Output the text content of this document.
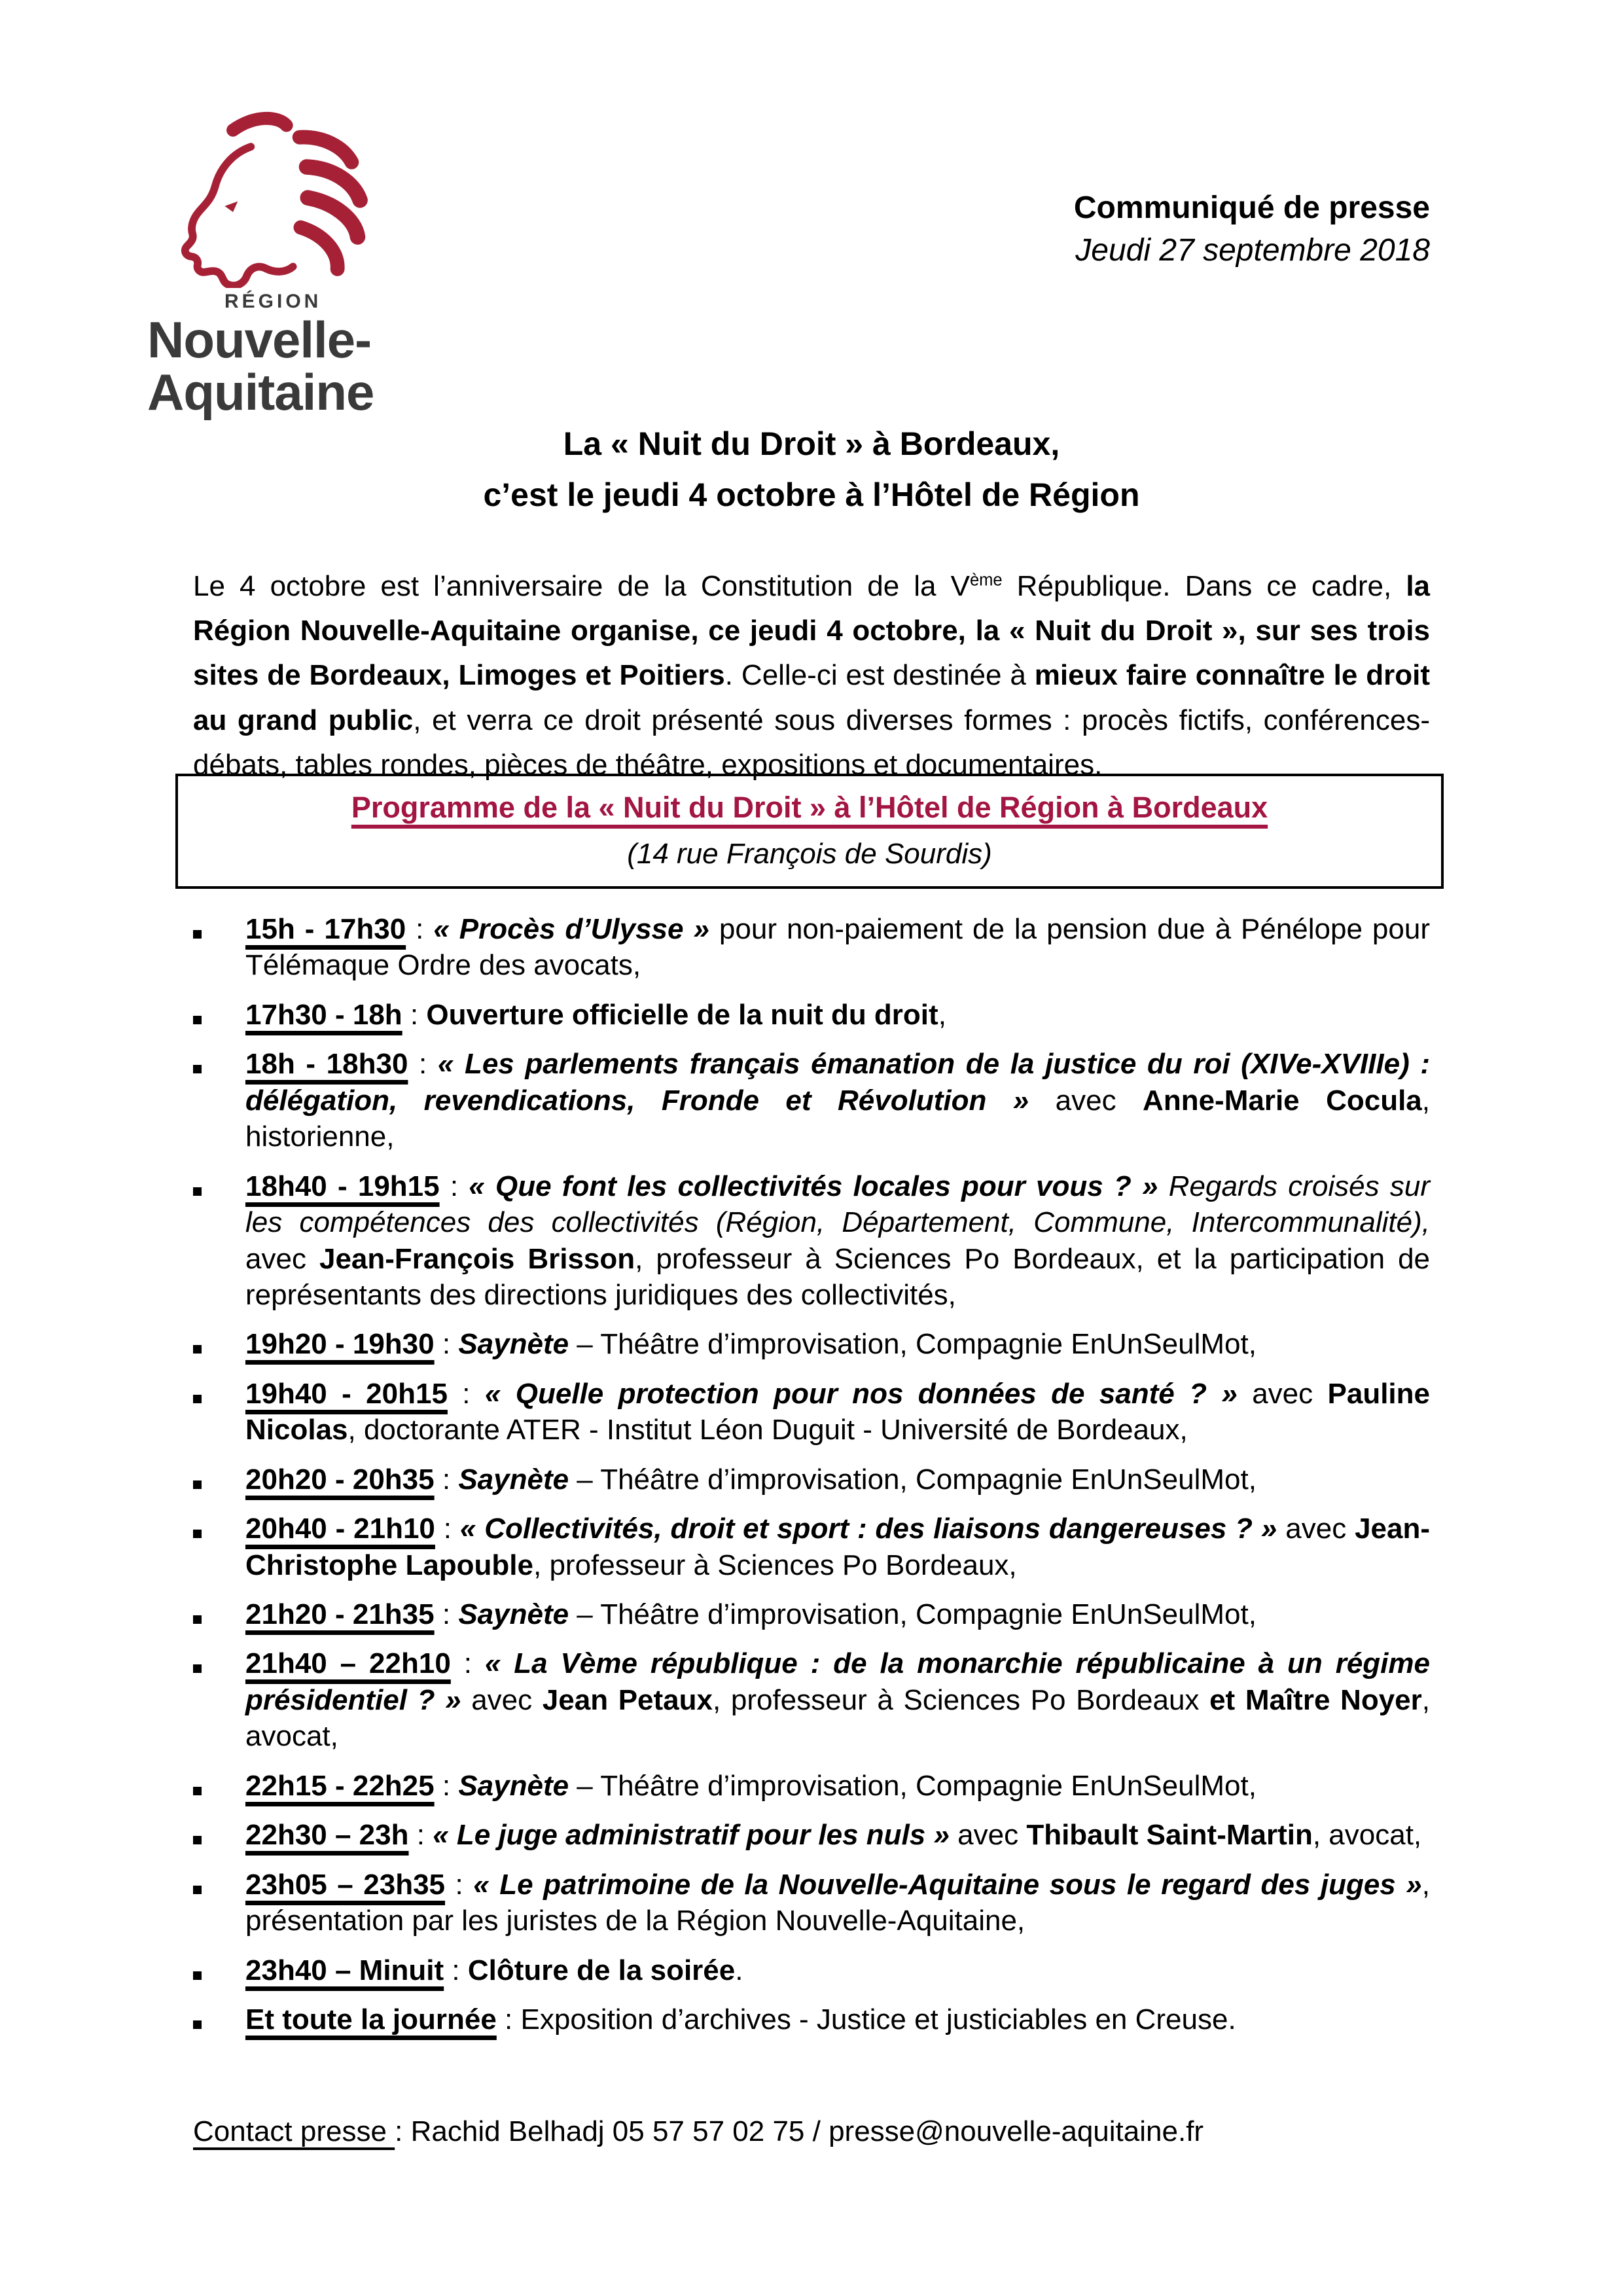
RÉGION
Nouvelle-
Aquitaine
Communiqué de presse
Jeudi 27 septembre 2018
La « Nuit du Droit » à Bordeaux,
c’est le jeudi 4 octobre à l’Hôtel de Région

Le 4 octobre est l’anniversaire de la Constitution de la Vème République. Dans ce cadre, la Région Nouvelle-Aquitaine organise, ce jeudi 4 octobre, la « Nuit du Droit », sur ses trois sites de Bordeaux, Limoges et Poitiers. Celle-ci est destinée à mieux faire connaître le droit au grand public, et verra ce droit présenté sous diverses formes : procès fictifs, conférences-débats, tables rondes, pièces de théâtre, expositions et documentaires.

Programme de la « Nuit du Droit » à l’Hôtel de Région à Bordeaux
(14 rue François de Sourdis)
15h - 17h30 : « Procès d’Ulysse » pour non-paiement de la pension due à Pénélope pour Télémaque Ordre des avocats,
17h30 - 18h : Ouverture officielle de la nuit du droit,
18h - 18h30 : « Les parlements français émanation de la justice du roi (XIVe-XVIIIe) : délégation, revendications, Fronde et Révolution » avec Anne-Marie Cocula, historienne,
18h40 - 19h15 : « Que font les collectivités locales pour vous ? » Regards croisés sur les compétences des collectivités (Région, Département, Commune, Intercommunalité), avec Jean-François Brisson, professeur à Sciences Po Bordeaux, et la participation de représentants des directions juridiques des collectivités,
19h20 - 19h30 : Saynète – Théâtre d’improvisation, Compagnie EnUnSeulMot,
19h40 - 20h15 : « Quelle protection pour nos données de santé ? » avec Pauline Nicolas, doctorante ATER - Institut Léon Duguit - Université de Bordeaux,
20h20 - 20h35 : Saynète – Théâtre d’improvisation, Compagnie EnUnSeulMot,
20h40 - 21h10 : « Collectivités, droit et sport : des liaisons dangereuses ? » avec Jean-Christophe Lapouble, professeur à Sciences Po Bordeaux,
21h20 - 21h35 : Saynète – Théâtre d’improvisation, Compagnie EnUnSeulMot,
21h40 – 22h10 : « La Vème république : de la monarchie républicaine à un régime présidentiel ? » avec Jean Petaux, professeur à Sciences Po Bordeaux et Maître Noyer, avocat,
22h15 - 22h25 : Saynète – Théâtre d’improvisation, Compagnie EnUnSeulMot,
22h30 – 23h : « Le juge administratif pour les nuls » avec Thibault Saint-Martin, avocat,
23h05 – 23h35 : « Le patrimoine de la Nouvelle-Aquitaine sous le regard des juges », présentation par les juristes de la Région Nouvelle-Aquitaine,
23h40 – Minuit : Clôture de la soirée.
Et toute la journée : Exposition d’archives - Justice et justiciables en Creuse.

Contact presse : Rachid Belhadj 05 57 57 02 75 / presse@nouvelle-aquitaine.fr
